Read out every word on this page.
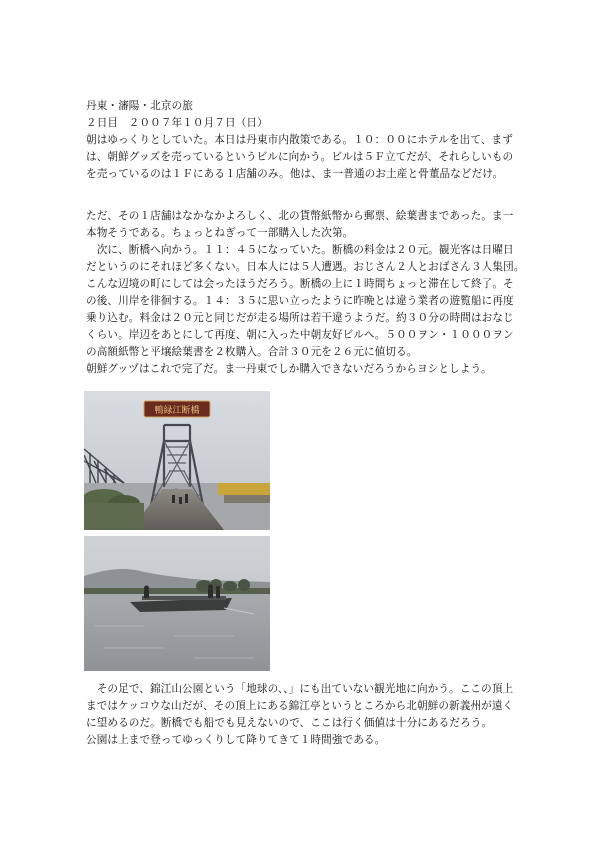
丹東・瀋陽・北京の旅
２日目　２００７年１０月７日（日）
朝はゆっくりとしていた。本日は丹東市内散策である。１０：００にホテルを出て、まず
は、朝鮮グッズを売っているというビルに向かう。ビルは５Ｆ立てだが、それらしいもの
を売っているのは１Ｆにある１店舗のみ。他は、ま一普通のお土産と骨董品などだけ。
ただ、その１店舗はなかなかよろしく、北の貨幣紙幣から郵票、絵葉書まであった。ま一
本物そうである。ちょっとねぎって一部購入した次第。
　次に、断橋へ向かう。１１：４５になっていた。断橋の料金は２０元。観光客は日曜日
だというのにそれほど多くない。日本人には５人遭遇。おじさん２人とおばさん３人集団。
こんな辺境の町にしては会ったほうだろう。断橋の上に１時間ちょっと滞在して終了。そ
の後、川岸を徘徊する。１４：３５に思い立ったように昨晩とは違う業者の遊覧船に再度
乗り込む。料金は２０元と同じだが走る場所は若干違うようだ。約３０分の時間はおなじ
くらい。岸辺をあとにして再度、朝に入った中朝友好ビルへ。５００ヲン・１０００ヲン
の高額紙幣と平壌絵葉書を２枚購入。合計３０元を２６元に値切る。
朝鮮グッヅはこれで完了だ。ま一丹東でしか購入できないだろうからヨシとしよう。
鴨緑江断橋
　その足で、錦江山公園という「地球の、、」にも出ていない観光地に向かう。ここの頂上
まではケッコウな山だが、その頂上にある錦江亭というところから北朝鮮の新義州が遠く
に望めるのだ。断橋でも船でも見えないので、ここは行く価値は十分にあるだろう。
公園は上まで登ってゆっくりして降りてきて１時間強である。
